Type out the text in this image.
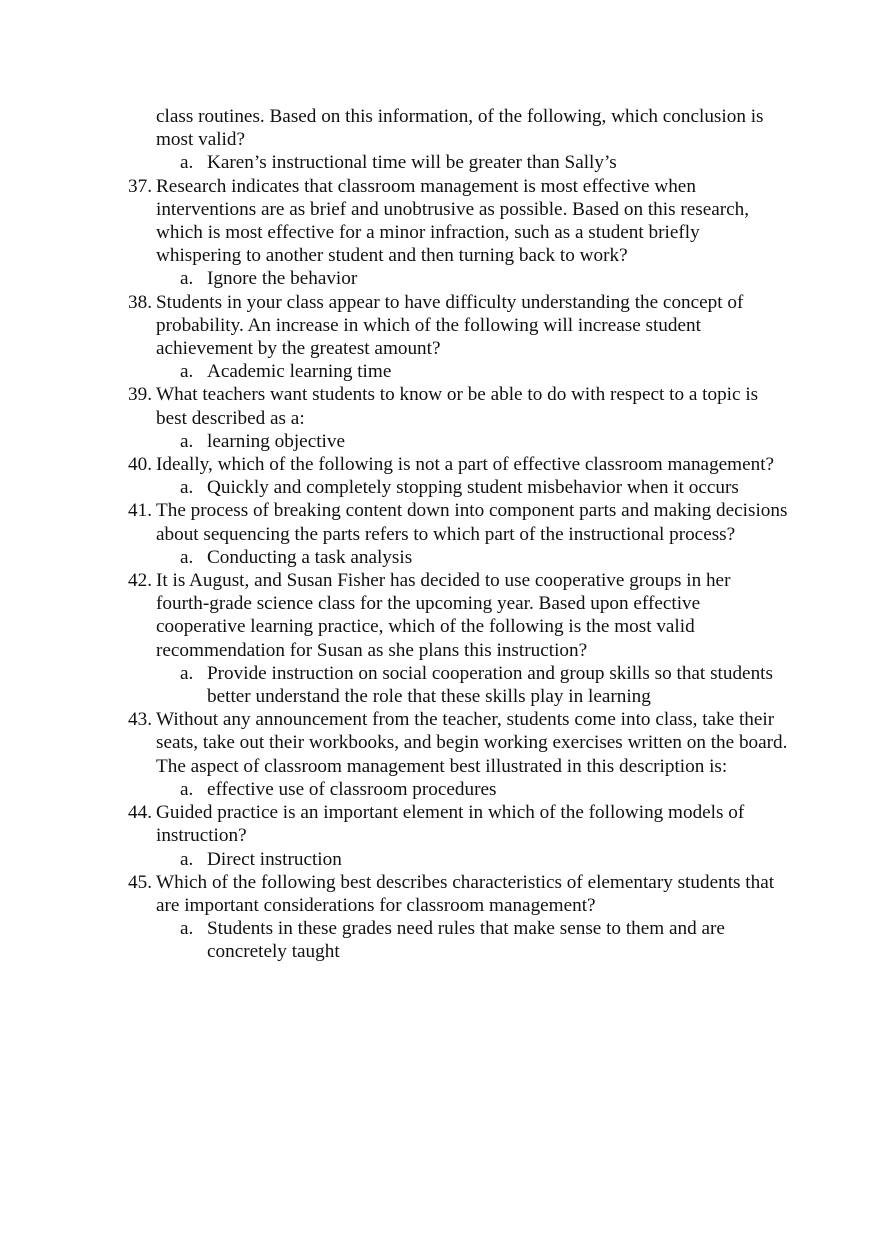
class routines. Based on this information, of the following, which conclusion is most valid?
a. Karen’s instructional time will be greater than Sally’s
37. Research indicates that classroom management is most effective when interventions are as brief and unobtrusive as possible. Based on this research, which is most effective for a minor infraction, such as a student briefly whispering to another student and then turning back to work?
a. Ignore the behavior
38. Students in your class appear to have difficulty understanding the concept of probability. An increase in which of the following will increase student achievement by the greatest amount?
a. Academic learning time
39. What teachers want students to know or be able to do with respect to a topic is best described as a:
a. learning objective
40. Ideally, which of the following is not a part of effective classroom management?
a. Quickly and completely stopping student misbehavior when it occurs
41. The process of breaking content down into component parts and making decisions about sequencing the parts refers to which part of the instructional process?
a. Conducting a task analysis
42. It is August, and Susan Fisher has decided to use cooperative groups in her fourth-grade science class for the upcoming year. Based upon effective cooperative learning practice, which of the following is the most valid recommendation for Susan as she plans this instruction?
a. Provide instruction on social cooperation and group skills so that students better understand the role that these skills play in learning
43. Without any announcement from the teacher, students come into class, take their seats, take out their workbooks, and begin working exercises written on the board. The aspect of classroom management best illustrated in this description is:
a. effective use of classroom procedures
44. Guided practice is an important element in which of the following models of instruction?
a. Direct instruction
45. Which of the following best describes characteristics of elementary students that are important considerations for classroom management?
a. Students in these grades need rules that make sense to them and are concretely taught
